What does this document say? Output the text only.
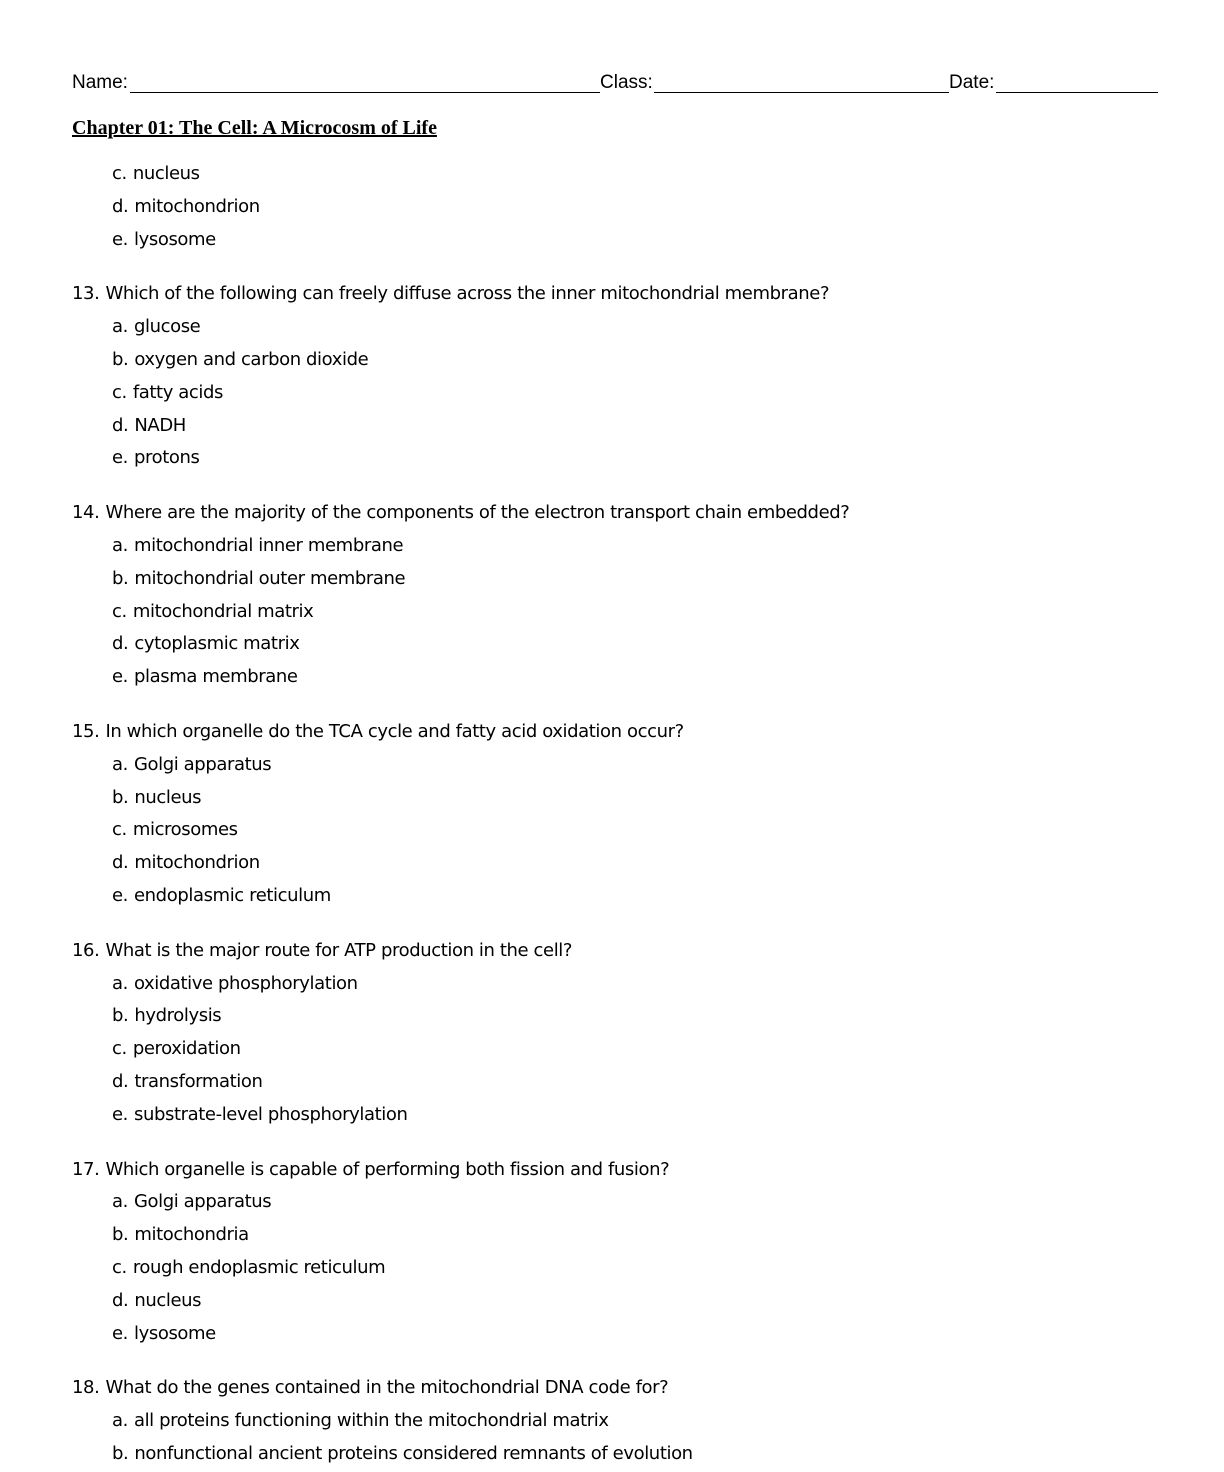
Name:	Class:	Date:
Chapter 01: The Cell: A Microcosm of Life
c. nucleus
d. mitochondrion
e. lysosome
13. Which of the following can freely diffuse across the inner mitochondrial membrane?
a. glucose
b. oxygen and carbon dioxide
c. fatty acids
d. NADH
e. protons
14. Where are the majority of the components of the electron transport chain embedded?
a. mitochondrial inner membrane
b. mitochondrial outer membrane
c. mitochondrial matrix
d. cytoplasmic matrix
e. plasma membrane
15. In which organelle do the TCA cycle and fatty acid oxidation occur?
a. Golgi apparatus
b. nucleus
c. microsomes
d. mitochondrion
e. endoplasmic reticulum
16. What is the major route for ATP production in the cell?
a. oxidative phosphorylation
b. hydrolysis
c. peroxidation
d. transformation
e. substrate-level phosphorylation
17. Which organelle is capable of performing both fission and fusion?
a. Golgi apparatus
b. mitochondria
c. rough endoplasmic reticulum
d. nucleus
e. lysosome
18. What do the genes contained in the mitochondrial DNA code for?
a. all proteins functioning within the mitochondrial matrix
b. nonfunctional ancient proteins considered remnants of evolution
